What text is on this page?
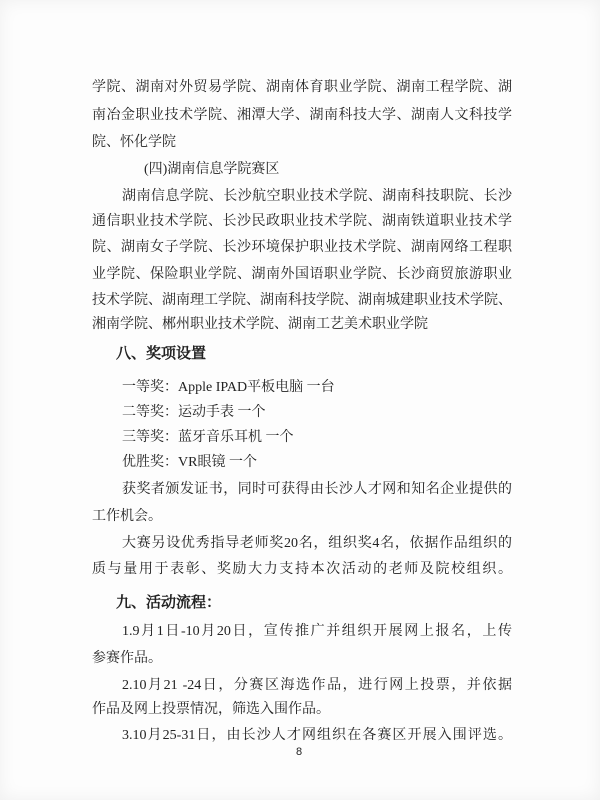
学院、湖南对外贸易学院、湖南体育职业学院、湖南工程学院、湖
南冶金职业技术学院、湘潭大学、湖南科技大学、湖南人文科技学
院、怀化学院
(四)湖南信息学院赛区
湖南信息学院、长沙航空职业技术学院、湖南科技职院、长沙
通信职业技术学院、长沙民政职业技术学院、湖南铁道职业技术学
院、湖南女子学院、长沙环境保护职业技术学院、湖南网络工程职
业学院、保险职业学院、湖南外国语职业学院、长沙商贸旅游职业
技术学院、湖南理工学院、湖南科技学院、湖南城建职业技术学院、
湘南学院、郴州职业技术学院、湖南工艺美术职业学院
八、奖项设置
一等奖：Apple IPAD平板电脑 一台
二等奖：运动手表 一个
三等奖：蓝牙音乐耳机 一个
优胜奖：VR眼镜 一个
获奖者颁发证书，同时可获得由长沙人才网和知名企业提供的
工作机会。
大赛另设优秀指导老师奖20名，组织奖4名，依据作品组织的
质与量用于表彰、奖励大力支持本次活动的老师及院校组织。
九、活动流程：
1.9月1日-10月20日，宣传推广并组织开展网上报名，上传
参赛作品。
2.10月21 -24日，分赛区海选作品，进行网上投票，并依据
作品及网上投票情况，筛选入围作品。
3.10月25-31日，由长沙人才网组织在各赛区开展入围评选。
8
